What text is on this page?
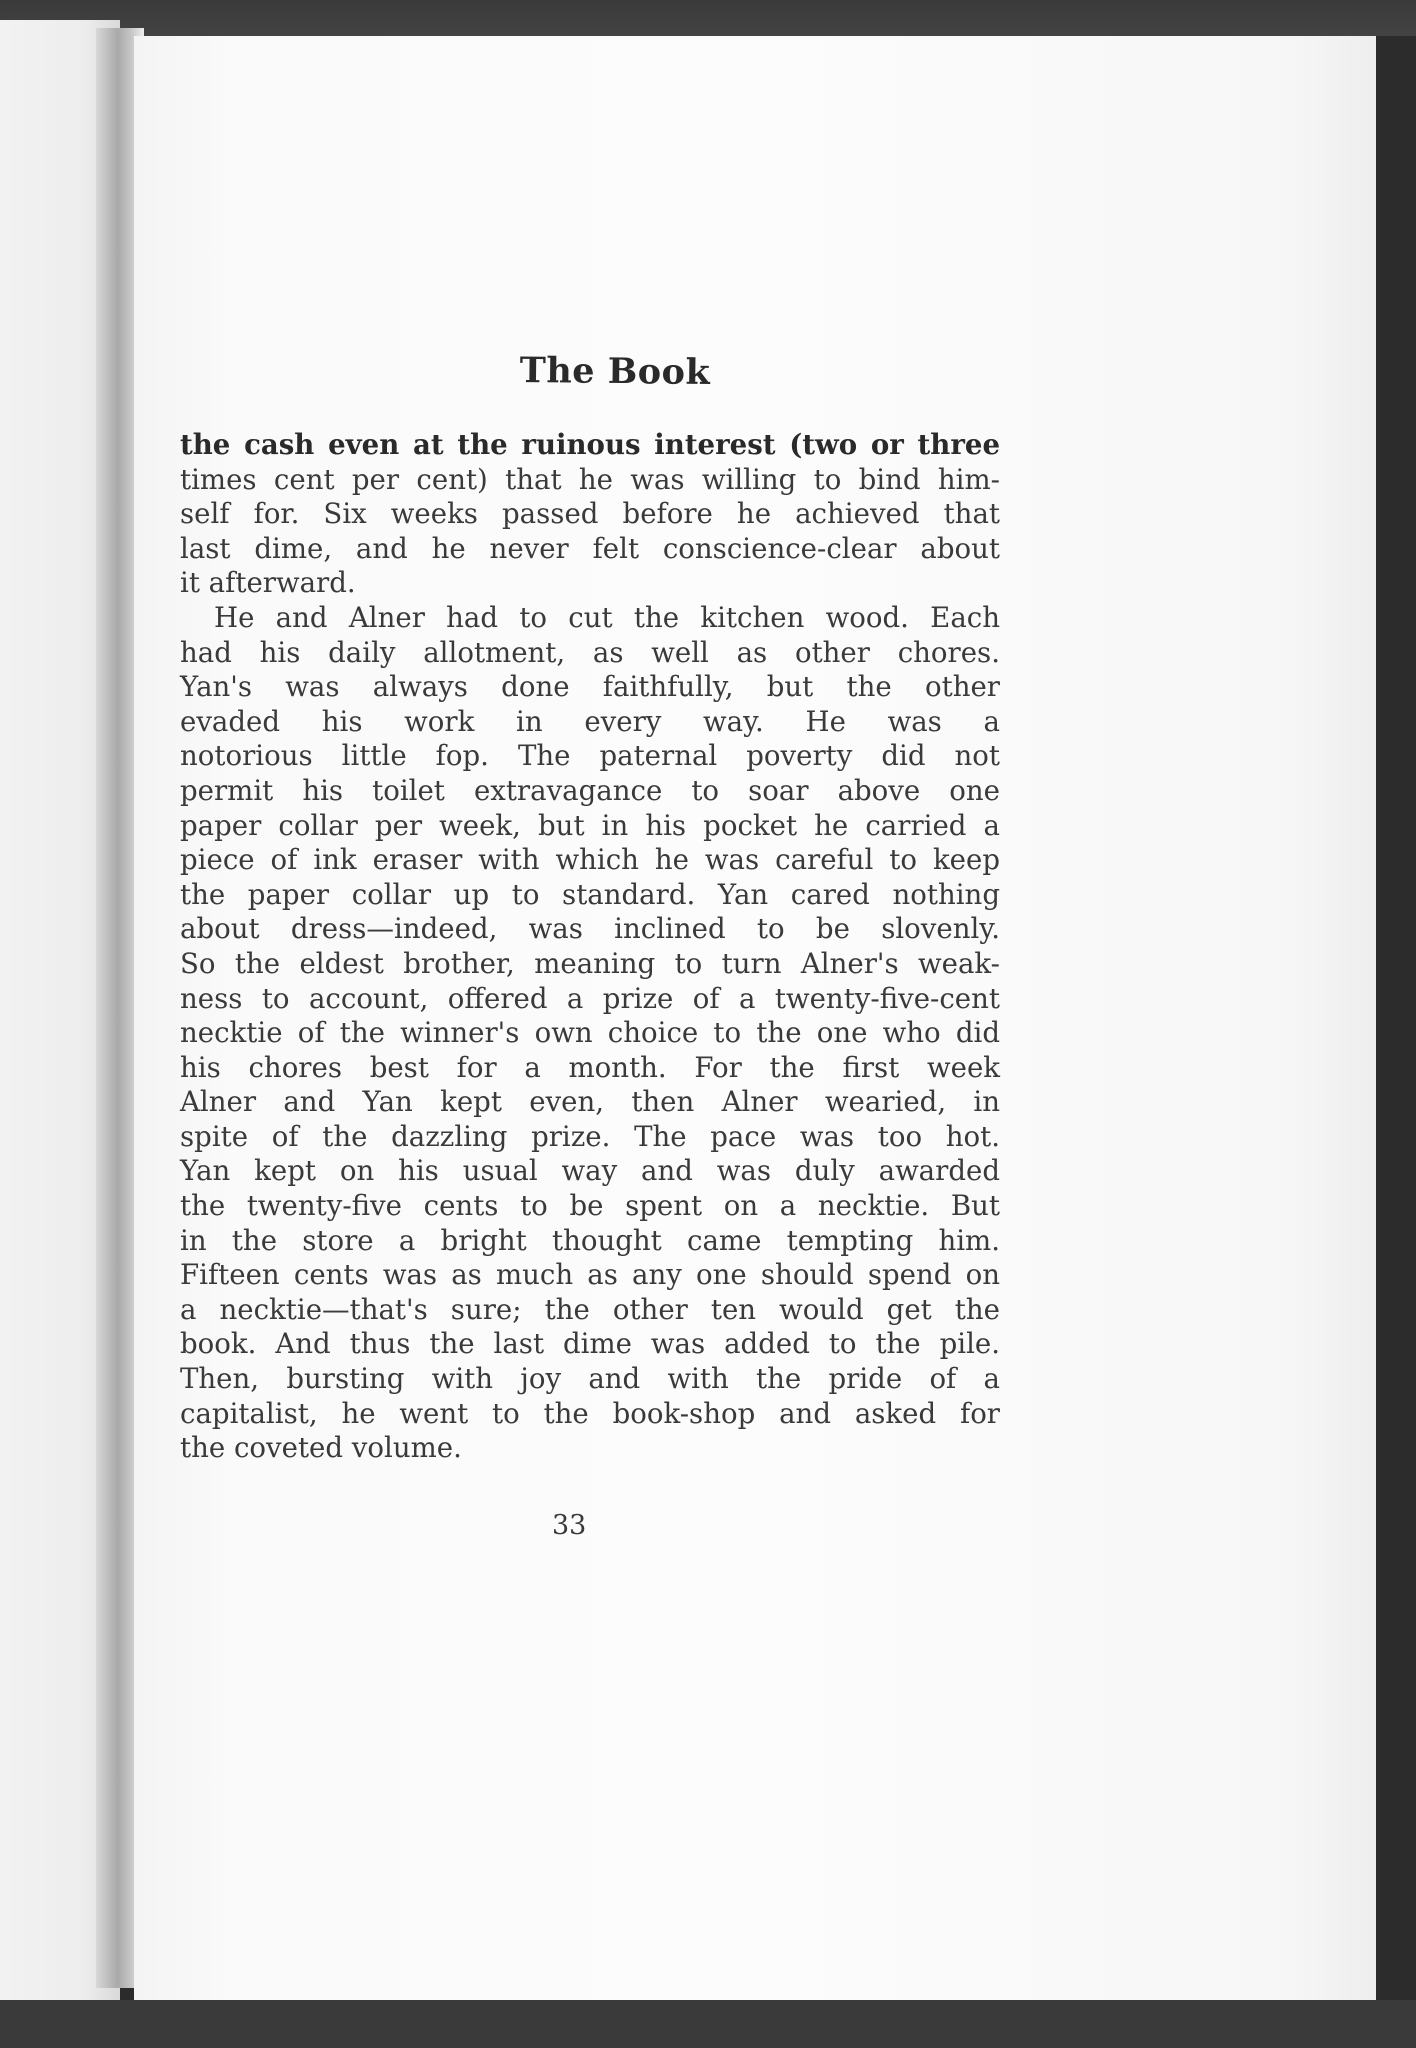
The Book
the cash even at the ruinous interest (two or three
times cent per cent) that he was willing to bind him-
self for. Six weeks passed before he achieved that
last dime, and he never felt conscience-clear about
it afterward.
He and Alner had to cut the kitchen wood. Each
had his daily allotment, as well as other chores.
Yan's was always done faithfully, but the other
evaded his work in every way. He was a
notorious little fop. The paternal poverty did not
permit his toilet extravagance to soar above one
paper collar per week, but in his pocket he carried a
piece of ink eraser with which he was careful to keep
the paper collar up to standard. Yan cared nothing
about dress—indeed, was inclined to be slovenly.
So the eldest brother, meaning to turn Alner's weak-
ness to account, offered a prize of a twenty-five-cent
necktie of the winner's own choice to the one who did
his chores best for a month. For the first week
Alner and Yan kept even, then Alner wearied, in
spite of the dazzling prize. The pace was too hot.
Yan kept on his usual way and was duly awarded
the twenty-five cents to be spent on a necktie. But
in the store a bright thought came tempting him.
Fifteen cents was as much as any one should spend on
a necktie—that's sure; the other ten would get the
book. And thus the last dime was added to the pile.
Then, bursting with joy and with the pride of a
capitalist, he went to the book-shop and asked for
the coveted volume.
33
